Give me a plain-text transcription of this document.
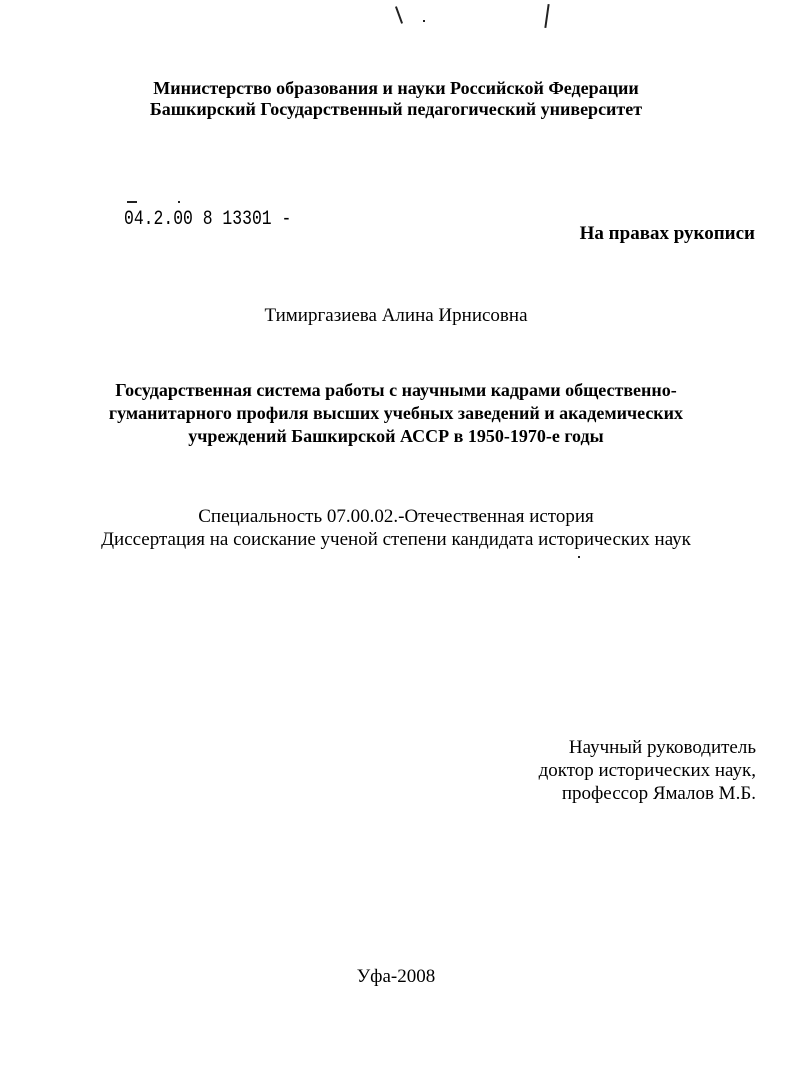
Министерство образования и науки Российской Федерации
Башкирский Государственный педагогический университет
04.2.00 8 13301 -
На правах рукописи
Тимиргазиева Алина Ирнисовна
Государственная система работы с научными кадрами общественно-
гуманитарного профиля высших учебных заведений и академических
учреждений Башкирской АССР в 1950-1970-е годы
Специальность 07.00.02.-Отечественная история
Диссертация на соискание ученой степени кандидата исторических наук
Научный руководитель
доктор исторических наук,
профессор Ямалов М.Б.
Уфа-2008
